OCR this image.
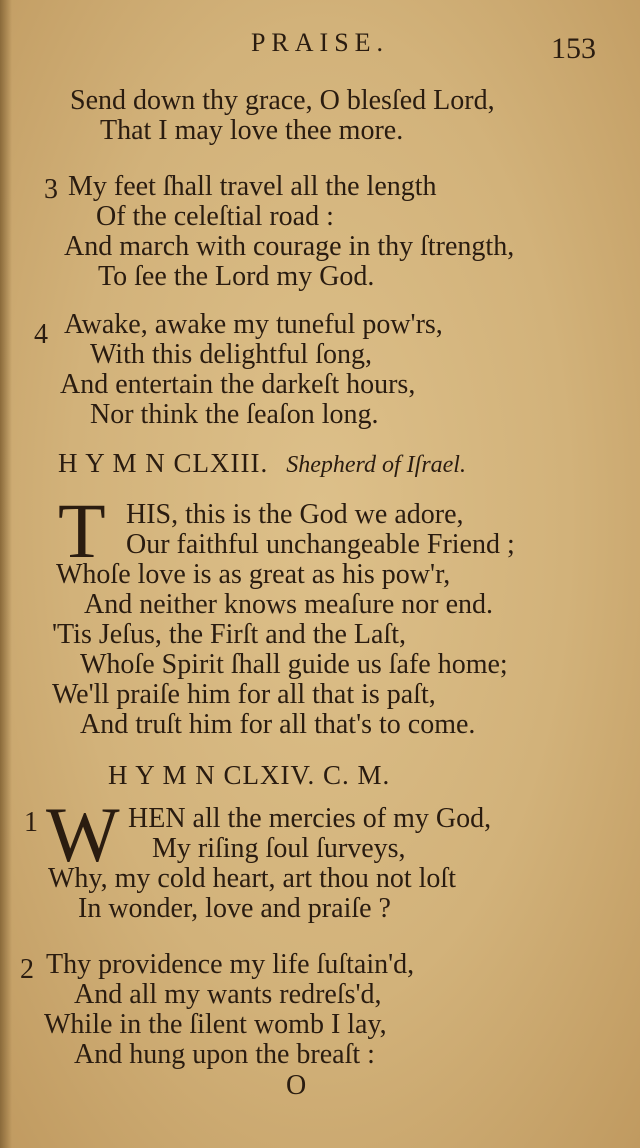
PRAISE.	153
Send down thy grace, O blesſed Lord,
That I may love thee more.
3 My feet ſhall travel all the length
Of the celeſtial road :
And march with courage in thy ſtrength,
To ſee the Lord my God.
4 Awake, awake my tuneful pow'rs,
With this delightful ſong,
And entertain the darkeſt hours,
Nor think the ſeaſon long.
H Y M N CLXIII. Shepherd of Iſrael.
T HIS, this is the God we adore,
Our faithful unchangeable Friend ;
Whoſe love is as great as his pow'r,
And neither knows meaſure nor end.
'Tis Jeſus, the Firſt and the Laſt,
Whoſe Spirit ſhall guide us ſafe home;
We'll praiſe him for all that is paſt,
And truſt him for all that's to come.
H Y M N CLXIV. C. M.
1 W HEN all the mercies of my God,
My riſing ſoul ſurveys,
Why, my cold heart, art thou not loſt
In wonder, love and praiſe ?
2 Thy providence my life ſuſtain'd,
And all my wants redreſs'd,
While in the ſilent womb I lay,
And hung upon the breaſt :
O
